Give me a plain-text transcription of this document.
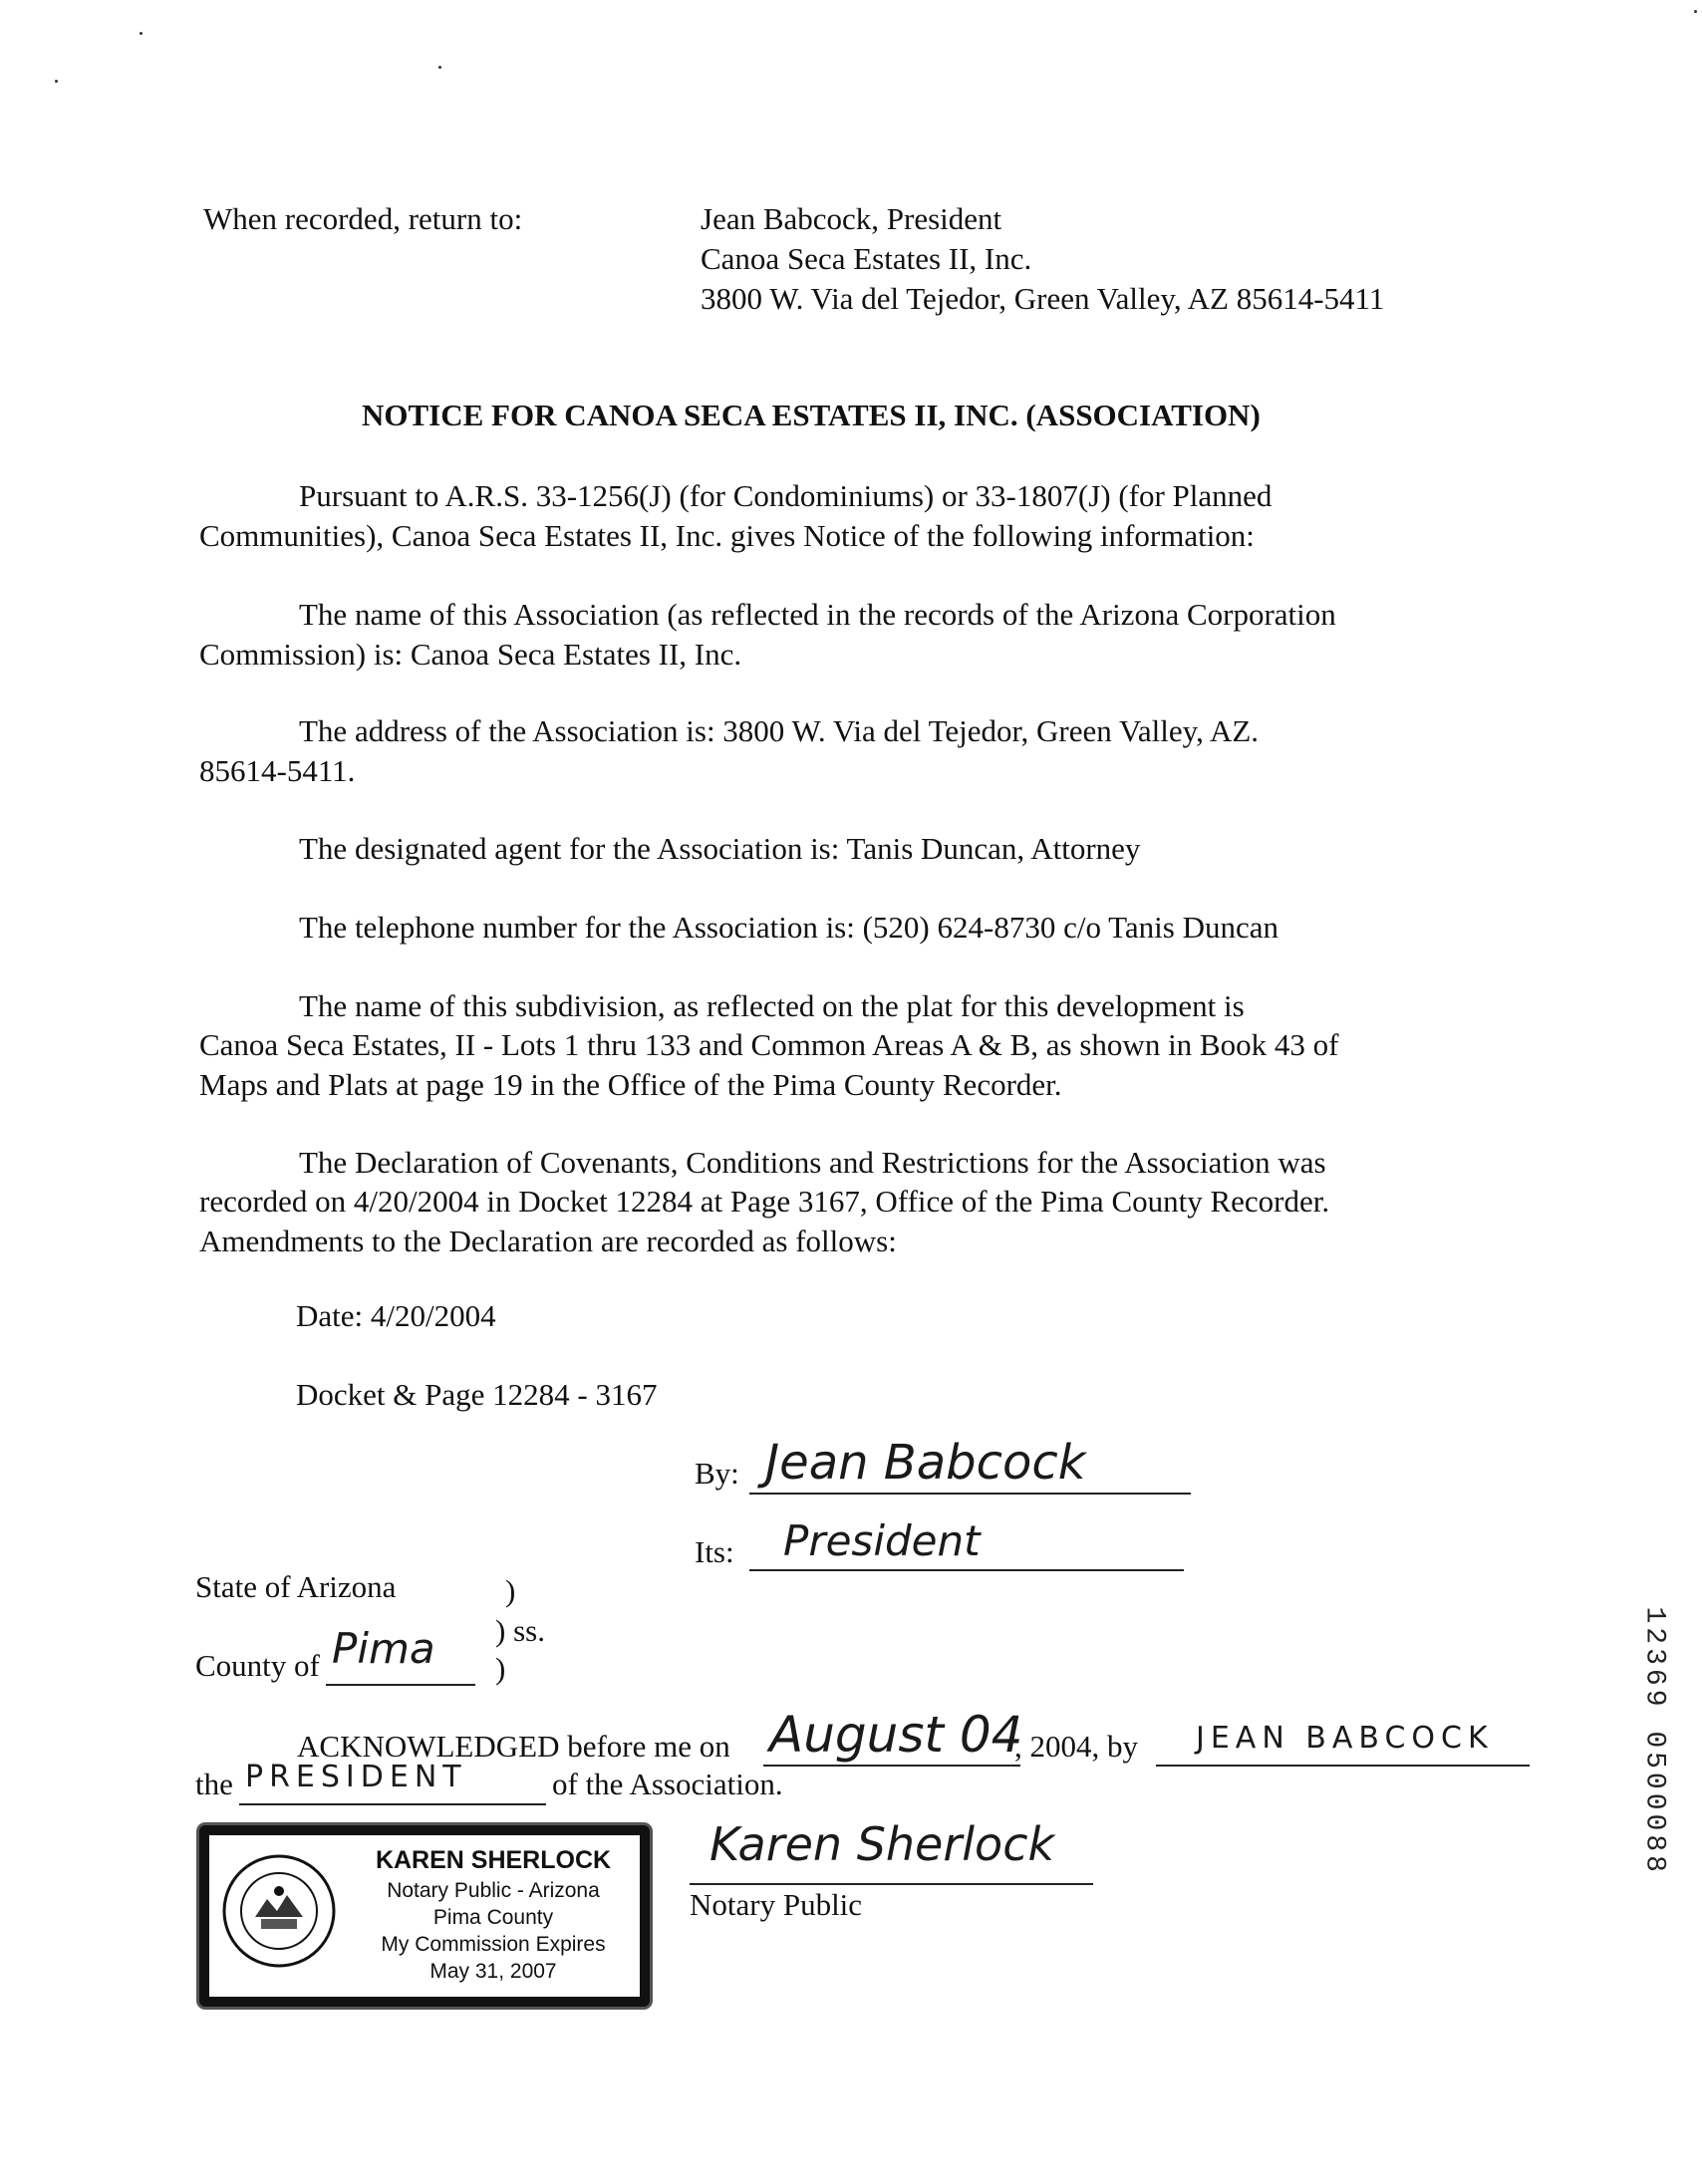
When recorded, return to:	Jean Babcock, President
Canoa Seca Estates II, Inc.
3800 W. Via del Tejedor, Green Valley, AZ 85614-5411
NOTICE FOR CANOA SECA ESTATES II, INC. (ASSOCIATION)
Pursuant to A.R.S. 33-1256(J) (for Condominiums) or 33-1807(J) (for Planned
Communities), Canoa Seca Estates II, Inc. gives Notice of the following information:
The name of this Association (as reflected in the records of the Arizona Corporation
Commission) is: Canoa Seca Estates II, Inc.
The address of the Association is: 3800 W. Via del Tejedor, Green Valley, AZ.
85614-5411.
The designated agent for the Association is: Tanis Duncan, Attorney
The telephone number for the Association is: (520) 624-8730 c/o Tanis Duncan
The name of this subdivision, as reflected on the plat for this development is
Canoa Seca Estates, II - Lots 1 thru 133 and Common Areas A & B, as shown in Book 43 of
Maps and Plats at page 19 in the Office of the Pima County Recorder.
The Declaration of Covenants, Conditions and Restrictions for the Association was
recorded on 4/20/2004 in Docket 12284 at Page 3167, Office of the Pima County Recorder.
Amendments to the Declaration are recorded as follows:
Date: 4/20/2004
Docket & Page 12284 - 3167
By: Jean Babcock
Its: President
State of Arizona	)
) ss.
County of Pima )
ACKNOWLEDGED before me on August 04
, 2004, by JEAN BABCOCK
the PRESIDENT	of the Association.
Karen Sherlock
Notary Public
KAREN SHERLOCK
Notary Public - Arizona
Pima County
My Commission Expires
May 31, 2007
12369 0500088
